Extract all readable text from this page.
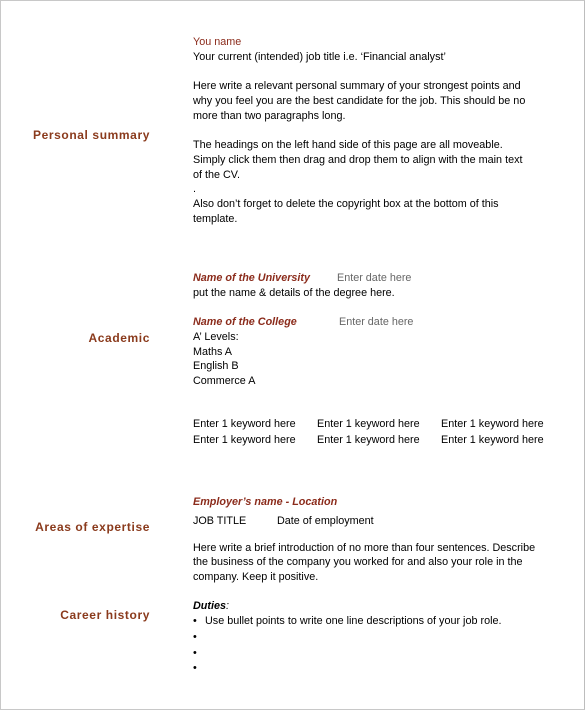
Personal summary
Academic
Areas of expertise
Career history
You name
Your current (intended) job title i.e. ‘Financial analyst’
Here write a relevant personal summary of your strongest points and
why you feel you are the best candidate for the job. This should be no
more than two paragraphs long.
The headings on the left hand side of this page are all moveable.
Simply click them then drag and drop them to align with the main text
of the CV.
.
Also don’t forget to delete the copyright box at the bottom of this
template.
Name of the University	Enter date here
put the name & details of the degree here.
Name of the College	Enter date here
A’ Levels:
Maths A
English B
Commerce A
Enter 1 keyword here Enter 1 keyword here Enter 1 keyword here
Enter 1 keyword here Enter 1 keyword here Enter 1 keyword here
Employer’s name - Location
JOB TITLE	Date of employment
Here write a brief introduction of no more than four sentences. Describe
the business of the company you worked for and also your role in the
company. Keep it positive.
Duties:
• Use bullet points to write one line descriptions of your job role.
•
•
•
